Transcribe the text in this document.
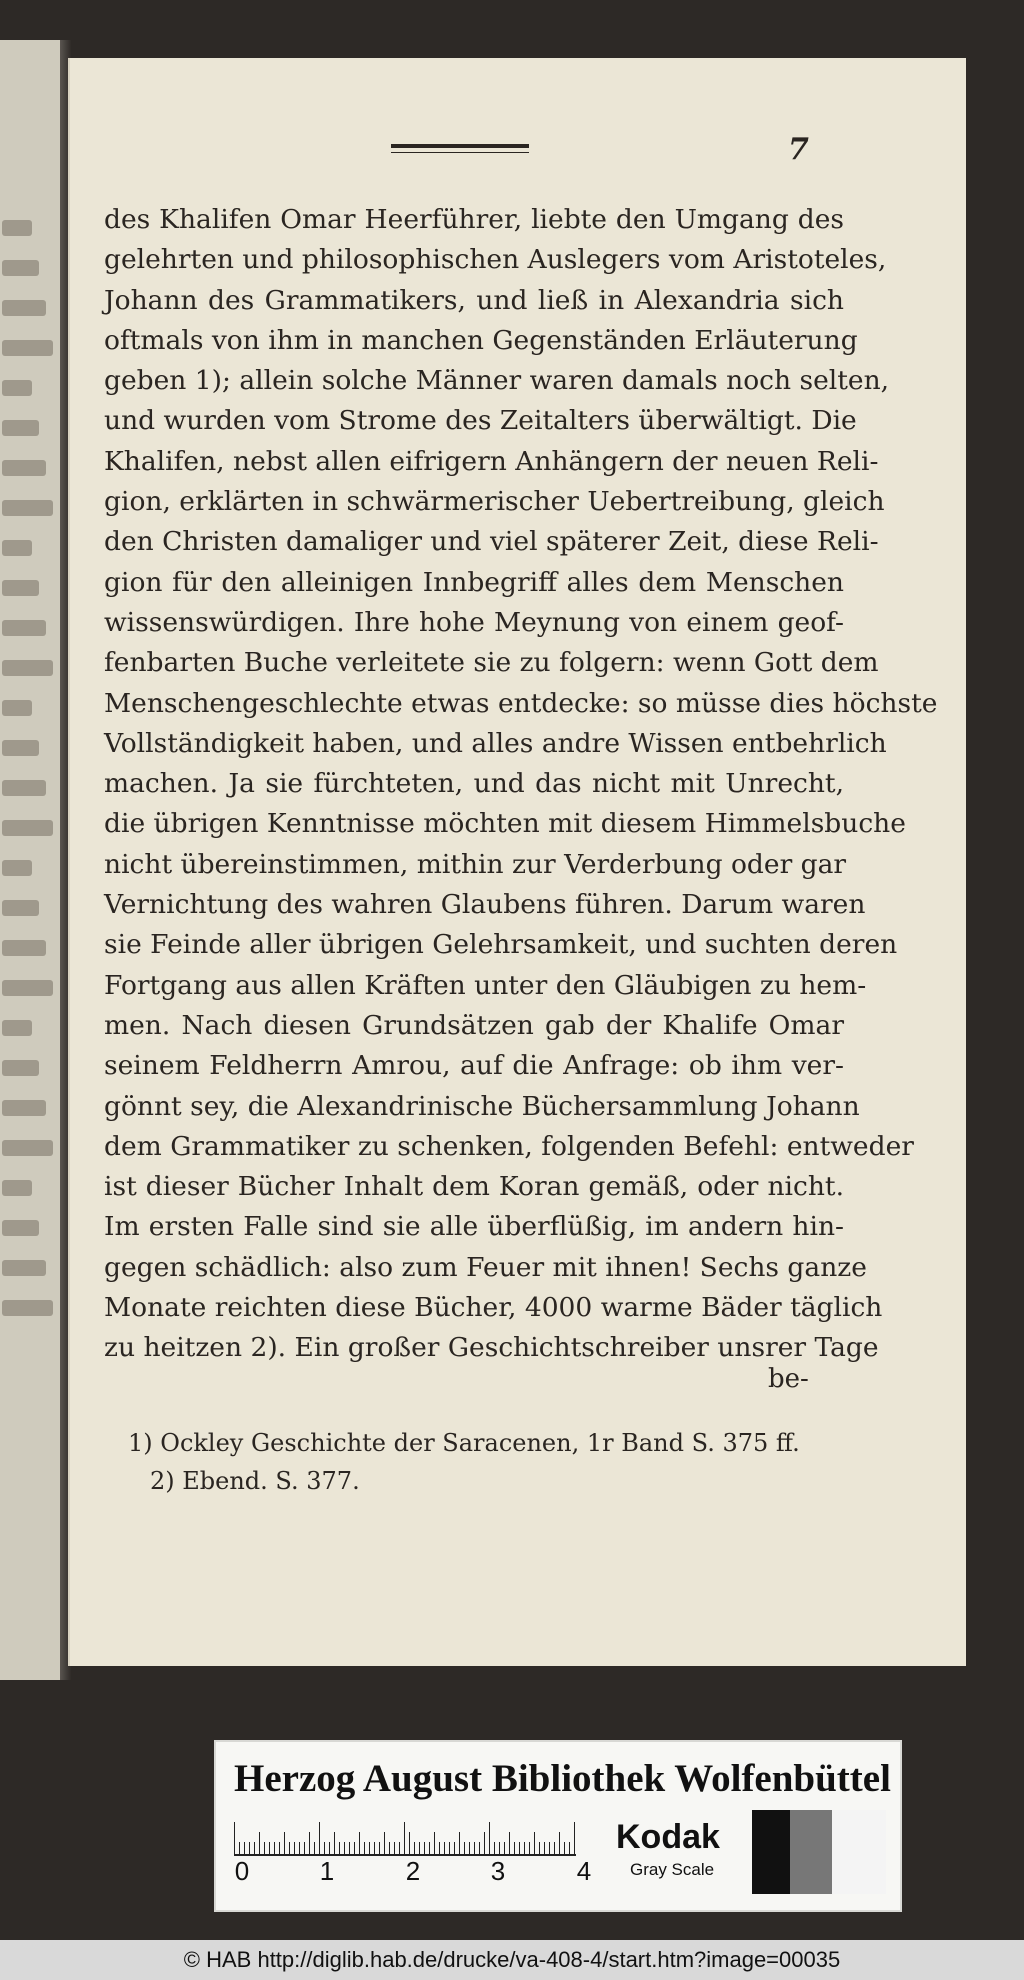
7
des Khalifen Omar Heerführer, liebte den Umgang des
gelehrten und philosophischen Auslegers vom Aristoteles,
Johann des Grammatikers, und ließ in Alexandria sich
oftmals von ihm in manchen Gegenständen Erläuterung
geben 1); allein solche Männer waren damals noch selten,
und wurden vom Strome des Zeitalters überwältigt. Die
Khalifen, nebst allen eifrigern Anhängern der neuen Reli-
gion, erklärten in schwärmerischer Uebertreibung, gleich
den Christen damaliger und viel späterer Zeit, diese Reli-
gion für den alleinigen Innbegriff alles dem Menschen
wissenswürdigen. Ihre hohe Meynung von einem geof-
fenbarten Buche verleitete sie zu folgern: wenn Gott dem
Menschengeschlechte etwas entdecke: so müsse dies höchste
Vollständigkeit haben, und alles andre Wissen entbehrlich
machen. Ja sie fürchteten, und das nicht mit Unrecht,
die übrigen Kenntnisse möchten mit diesem Himmelsbuche
nicht übereinstimmen, mithin zur Verderbung oder gar
Vernichtung des wahren Glaubens führen. Darum waren
sie Feinde aller übrigen Gelehrsamkeit, und suchten deren
Fortgang aus allen Kräften unter den Gläubigen zu hem-
men. Nach diesen Grundsätzen gab der Khalife Omar
seinem Feldherrn Amrou, auf die Anfrage: ob ihm ver-
gönnt sey, die Alexandrinische Büchersammlung Johann
dem Grammatiker zu schenken, folgenden Befehl: entweder
ist dieser Bücher Inhalt dem Koran gemäß, oder nicht.
Im ersten Falle sind sie alle überflüßig, im andern hin-
gegen schädlich: also zum Feuer mit ihnen! Sechs ganze
Monate reichten diese Bücher, 4000 warme Bäder täglich
zu heitzen 2). Ein großer Geschichtschreiber unsrer Tage
be-
1) Ockley Geschichte der Saracenen, 1r Band S. 375 ff.
2) Ebend. S. 377.
Herzog August Bibliothek Wolfenbüttel
0	1	2	3	4
Kodak
Gray Scale
© HAB http://diglib.hab.de/drucke/va-408-4/start.htm?image=00035
